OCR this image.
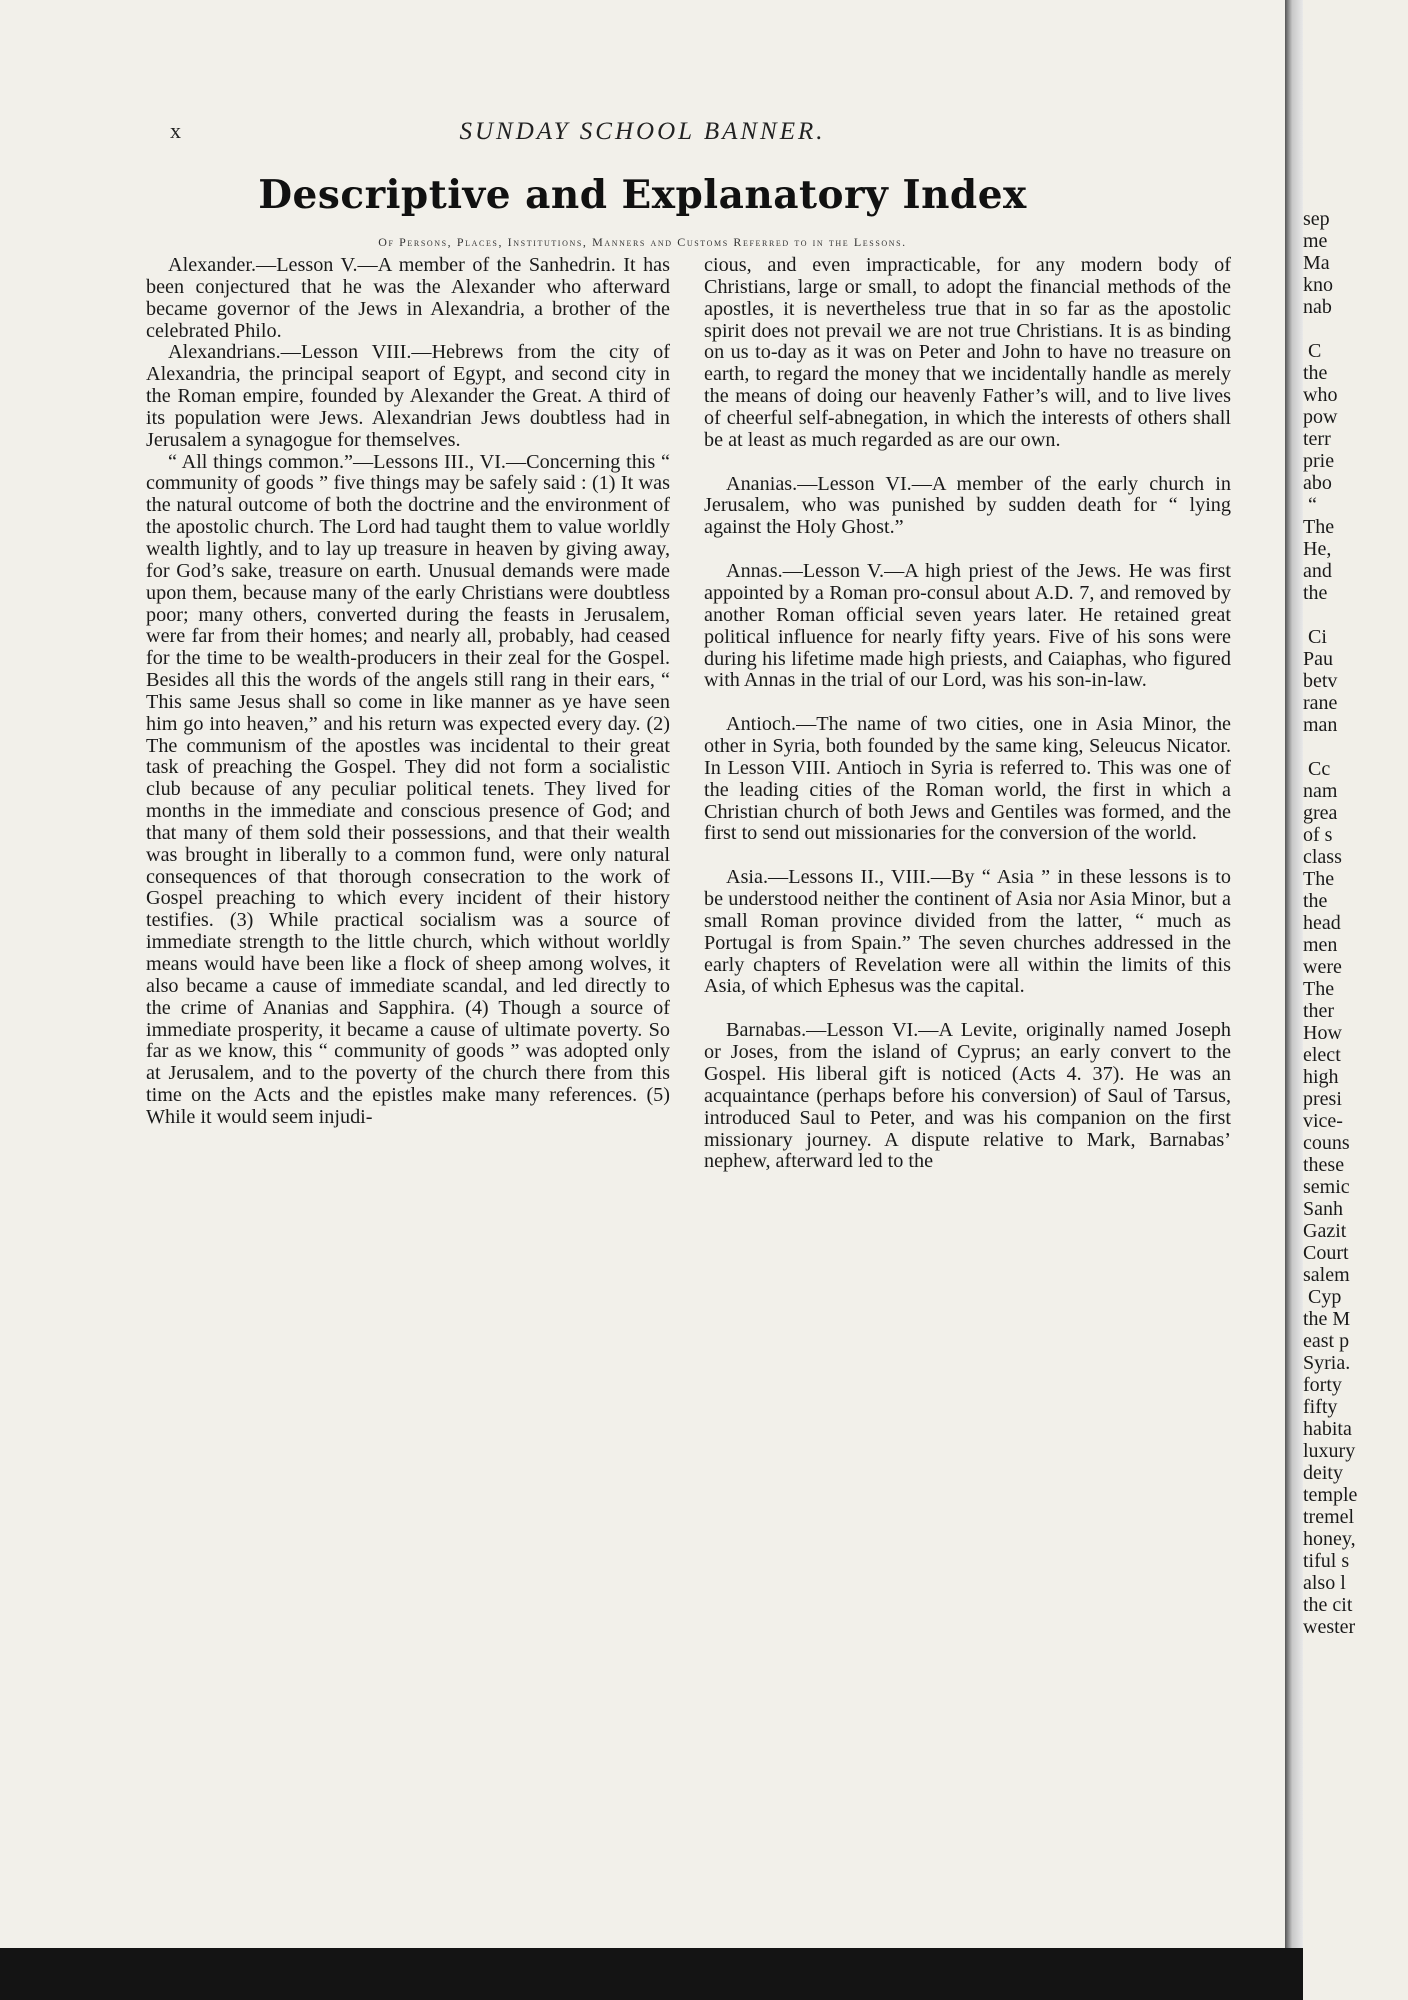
x	SUNDAY SCHOOL BANNER.
Descriptive and Explanatory Index
Of Persons, Places, Institutions, Manners and Customs Referred to in the Lessons.

Alexander.—Lesson V.—A member of the Sanhedrin. It has been conjectured that he was the Alexander who afterward became governor of the Jews in Alexandria, a brother of the celebrated Philo.

Alexandrians.—Lesson VIII.—Hebrews from the city of Alexandria, the principal seaport of Egypt, and second city in the Roman empire, founded by Alexander the Great. A third of its population were Jews. Alexandrian Jews doubtless had in Jerusalem a synagogue for themselves.

“ All things common.”—Lessons III., VI.—Concerning this “ community of goods ” five things may be safely said : (1) It was the natural outcome of both the doctrine and the environment of the apostolic church. The Lord had taught them to value worldly wealth lightly, and to lay up treasure in heaven by giving away, for God’s sake, treasure on earth. Unusual demands were made upon them, because many of the early Christians were doubtless poor; many others, converted during the feasts in Jerusalem, were far from their homes; and nearly all, probably, had ceased for the time to be wealth-producers in their zeal for the Gospel. Besides all this the words of the angels still rang in their ears, “ This same Jesus shall so come in like manner as ye have seen him go into heaven,” and his return was expected every day. (2) The communism of the apostles was incidental to their great task of preaching the Gospel. They did not form a socialistic club because of any peculiar political tenets. They lived for months in the immediate and conscious presence of God; and that many of them sold their possessions, and that their wealth was brought in liberally to a common fund, were only natural consequences of that thorough consecration to the work of Gospel preaching to which every incident of their history testifies. (3) While practical socialism was a source of immediate strength to the little church, which without worldly means would have been like a flock of sheep among wolves, it also became a cause of immediate scandal, and led directly to the crime of Ananias and Sapphira. (4) Though a source of immediate prosperity, it became a cause of ultimate poverty. So far as we know, this “ community of goods ” was adopted only at Jerusalem, and to the poverty of the church there from this time on the Acts and the epistles make many references. (5) While it would seem injudi-

cious, and even impracticable, for any modern body of Christians, large or small, to adopt the financial methods of the apostles, it is nevertheless true that in so far as the apostolic spirit does not prevail we are not true Christians. It is as binding on us to-day as it was on Peter and John to have no treasure on earth, to regard the money that we incidentally handle as merely the means of doing our heavenly Father’s will, and to live lives of cheerful self-abnegation, in which the interests of others shall be at least as much regarded as are our own.

Ananias.—Lesson VI.—A member of the early church in Jerusalem, who was punished by sudden death for “ lying against the Holy Ghost.”

Annas.—Lesson V.—A high priest of the Jews. He was first appointed by a Roman pro-consul about A.D. 7, and removed by another Roman official seven years later. He retained great political influence for nearly fifty years. Five of his sons were during his lifetime made high priests, and Caiaphas, who figured with Annas in the trial of our Lord, was his son-in-law.

Antioch.—The name of two cities, one in Asia Minor, the other in Syria, both founded by the same king, Seleucus Nicator. In Lesson VIII. Antioch in Syria is referred to. This was one of the leading cities of the Roman world, the first in which a Christian church of both Jews and Gentiles was formed, and the first to send out missionaries for the conversion of the world.

Asia.—Lessons II., VIII.—By “ Asia ” in these lessons is to be understood neither the continent of Asia nor Asia Minor, but a small Roman province divided from the latter, “ much as Portugal is from Spain.” The seven churches addressed in the early chapters of Revelation were all within the limits of this Asia, of which Ephesus was the capital.

Barnabas.—Lesson VI.—A Levite, originally named Joseph or Joses, from the island of Cyprus; an early convert to the Gospel. His liberal gift is noticed (Acts 4. 37). He was an acquaintance (perhaps before his conversion) of Saul of Tarsus, introduced Saul to Peter, and was his companion on the first missionary journey. A dispute relative to Mark, Barnabas’ nephew, afterward led to the

sep
me
Ma
kno
nab

C
the
who
pow
terr
prie
abo
“
The
He,
and
the

Ci
Pau
betv
rane
man

Cc
nam
grea
of s
class
The
the
head
men
were
The
ther
How
elect
high
presi
vice-
couns
these
semic
Sanh
Gazit
Court
salem
Cyp
the M
east p
Syria.
forty
fifty
habita
luxury
deity
temple
tremel
honey,
tiful s
also l
the cit
wester
